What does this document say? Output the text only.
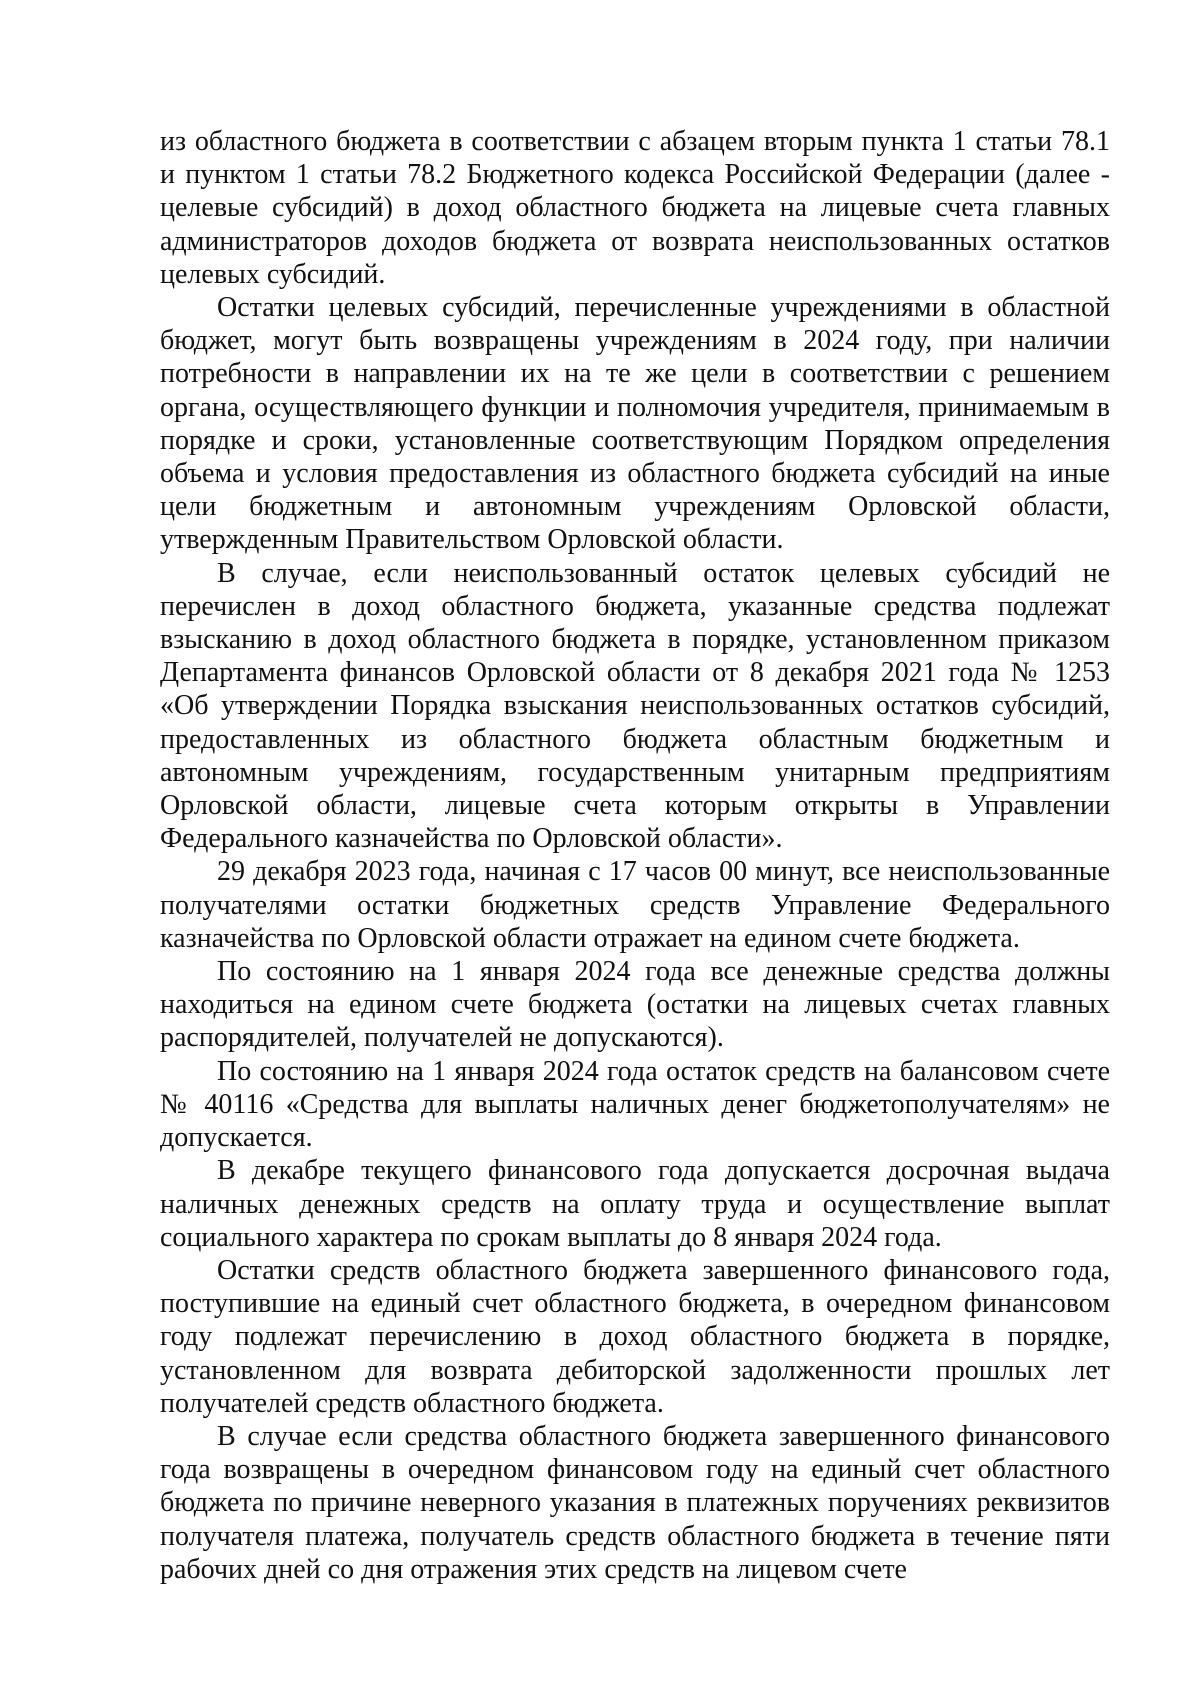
из областного бюджета в соответствии с абзацем вторым пункта 1 статьи 78.1 и пунктом 1 статьи 78.2 Бюджетного кодекса Российской Федерации (далее - целевые субсидий) в доход областного бюджета на лицевые счета главных администраторов доходов бюджета от возврата неиспользованных остатков целевых субсидий.

Остатки целевых субсидий, перечисленные учреждениями в областной бюджет, могут быть возвращены учреждениям в 2024 году, при наличии потребности в направлении их на те же цели в соответствии с решением органа, осуществляющего функции и полномочия учредителя, принимаемым в порядке и сроки, установленные соответствующим Порядком определения объема и условия предоставления из областного бюджета субсидий на иные цели бюджетным и автономным учреждениям Орловской области, утвержденным Правительством Орловской области.

В случае, если неиспользованный остаток целевых субсидий не перечислен в доход областного бюджета, указанные средства подлежат взысканию в доход областного бюджета в порядке, установленном приказом Департамента финансов Орловской области от 8 декабря 2021 года № 1253 «Об утверждении Порядка взыскания неиспользованных остатков субсидий, предоставленных из областного бюджета областным бюджетным и автономным учреждениям, государственным унитарным предприятиям Орловской области, лицевые счета которым открыты в Управлении Федерального казначейства по Орловской области».

29 декабря 2023 года, начиная с 17 часов 00 минут, все неиспользованные получателями остатки бюджетных средств Управление Федерального казначейства по Орловской области отражает на едином счете бюджета.

По состоянию на 1 января 2024 года все денежные средства должны находиться на едином счете бюджета (остатки на лицевых счетах главных распорядителей, получателей не допускаются).

По состоянию на 1 января 2024 года остаток средств на балансовом счете № 40116 «Средства для выплаты наличных денег бюджетополучателям» не допускается.

В декабре текущего финансового года допускается досрочная выдача наличных денежных средств на оплату труда и осуществление выплат социального характера по срокам выплаты до 8 января 2024 года.

Остатки средств областного бюджета завершенного финансового года, поступившие на единый счет областного бюджета, в очередном финансовом году подлежат перечислению в доход областного бюджета в порядке, установленном для возврата дебиторской задолженности прошлых лет получателей средств областного бюджета.

В случае если средства областного бюджета завершенного финансового года возвращены в очередном финансовом году на единый счет областного бюджета по причине неверного указания в платежных поручениях реквизитов получателя платежа, получатель средств областного бюджета в течение пяти рабочих дней со дня отражения этих средств на лицевом счете
